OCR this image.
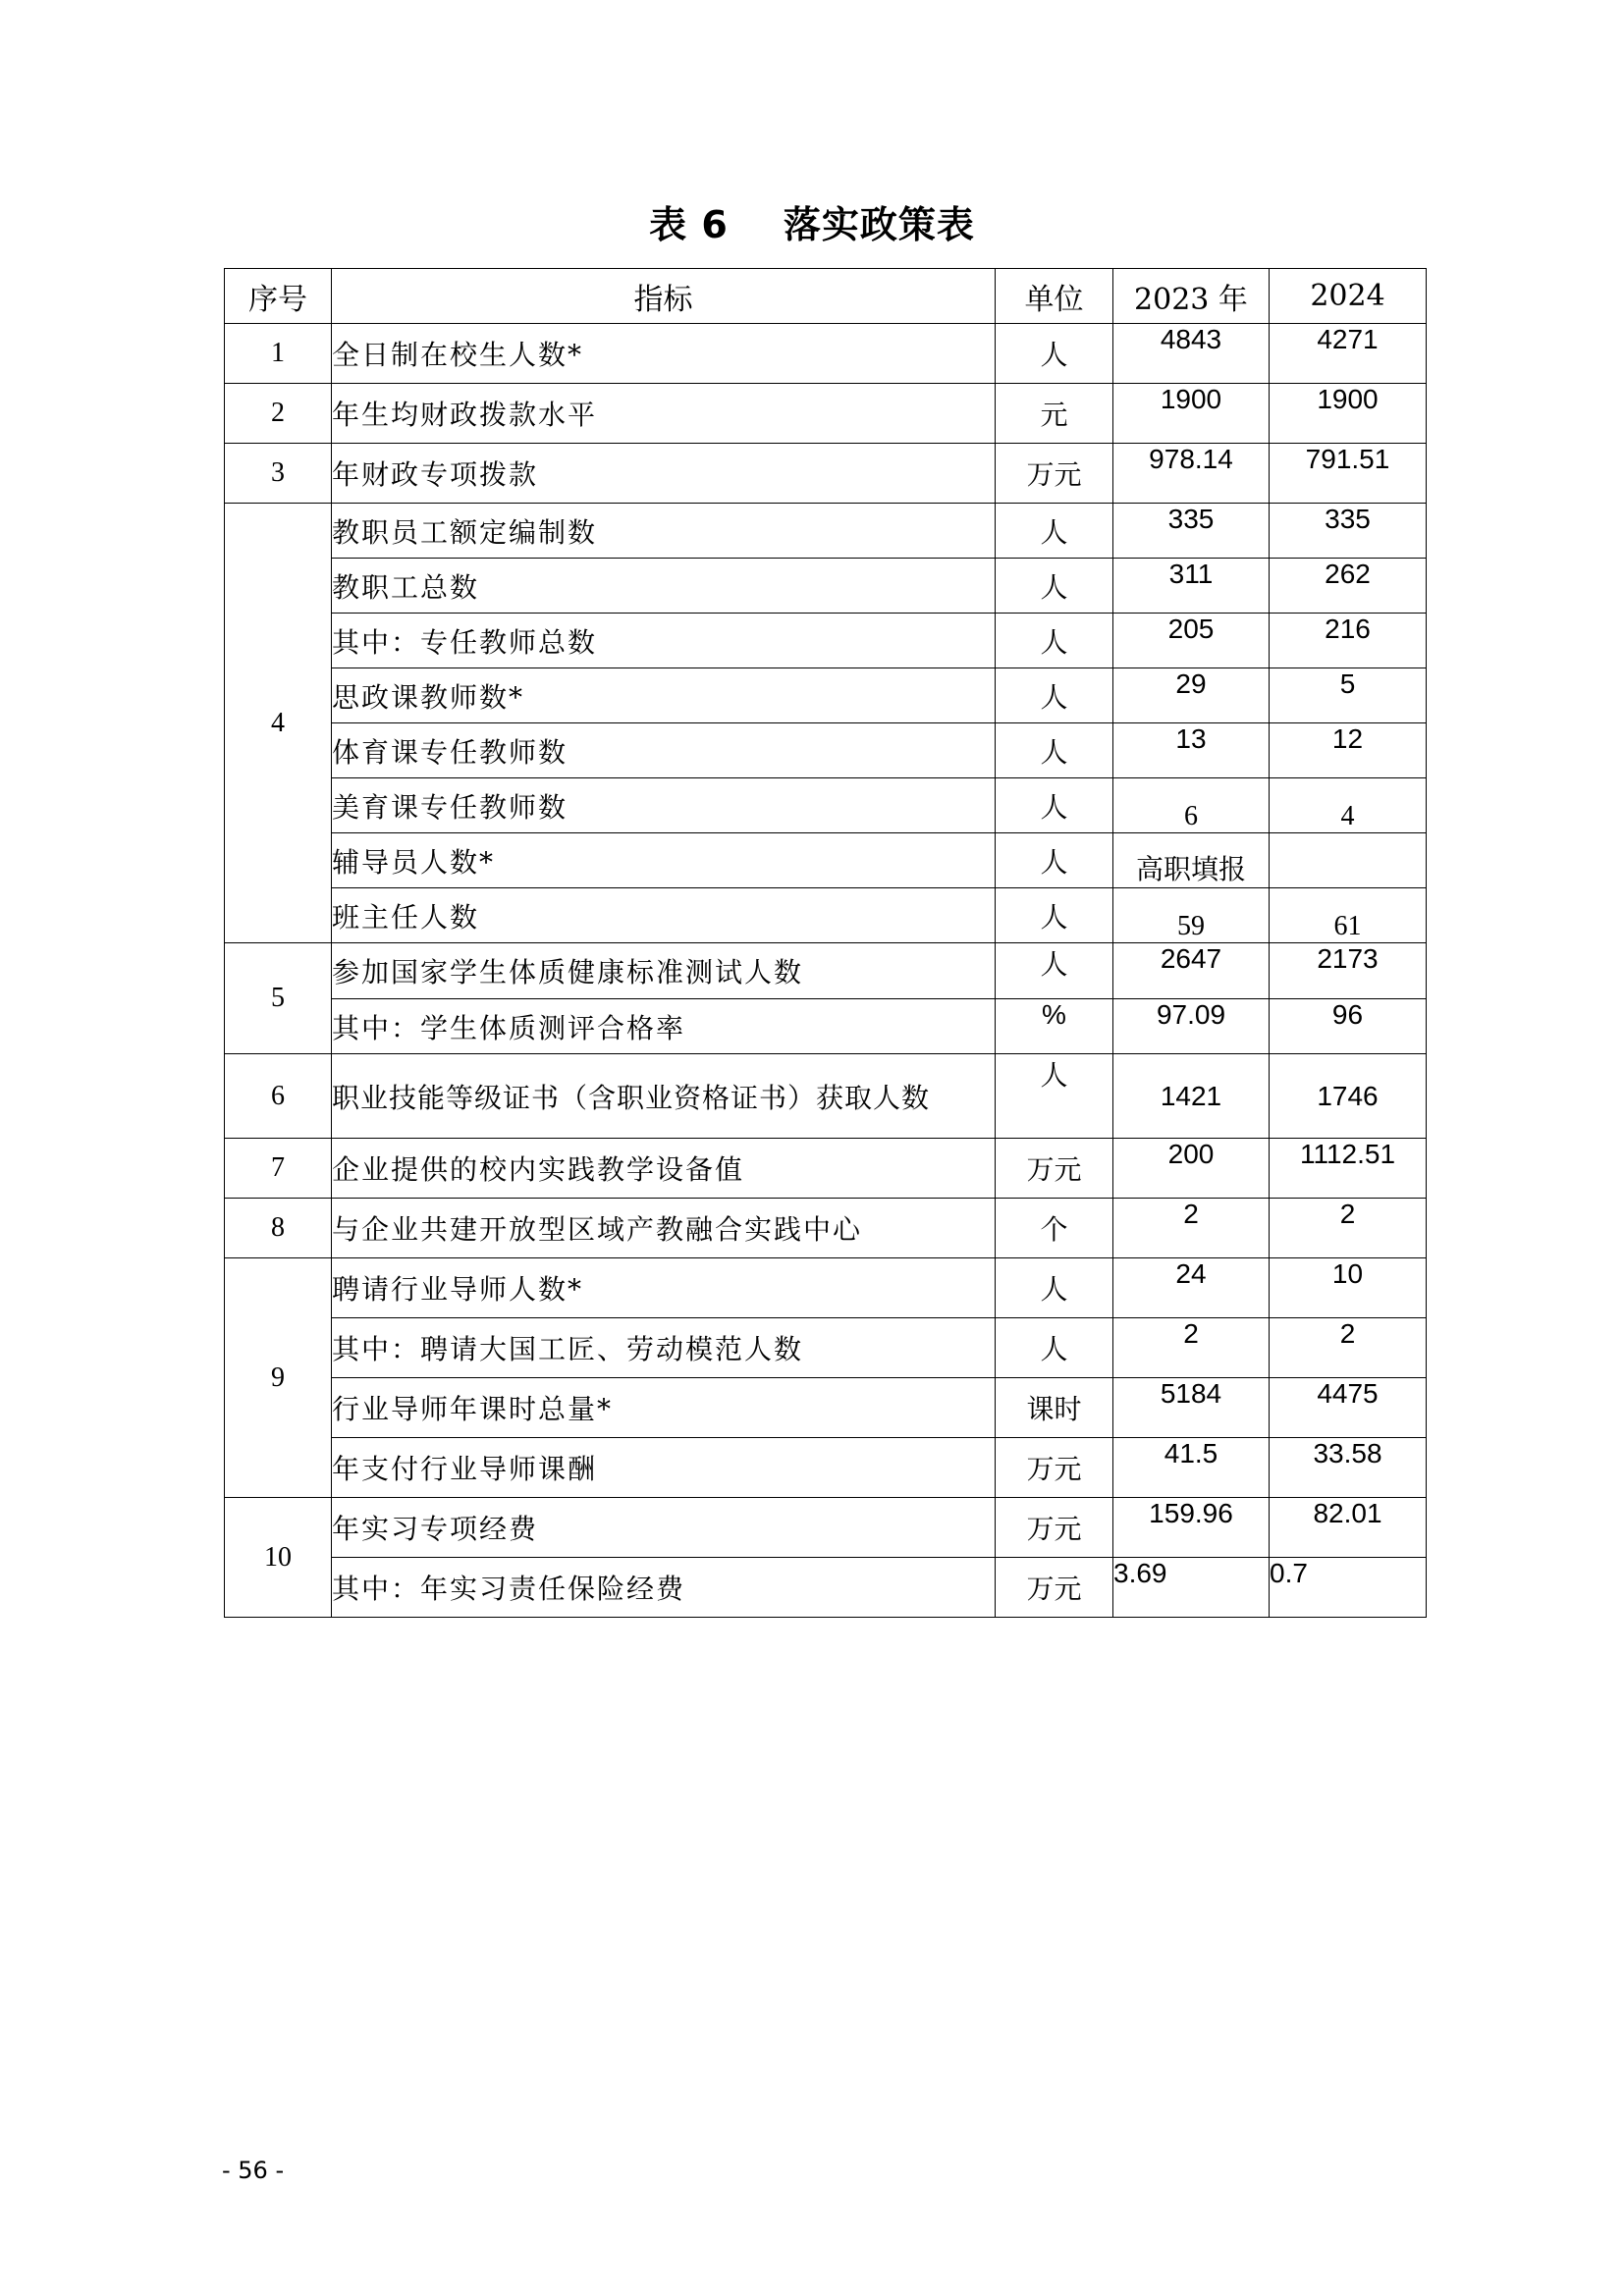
表 6 落实政策表
序号	指标	单位	2023 年	2024
1	全日制在校生人数*	人	4843	4271
2	年生均财政拨款水平	元	1900	1900
3	年财政专项拨款	万元	978.14	791.51
4	教职员工额定编制数	人	335	335
	教职工总数	人	311	262
	其中：专任教师总数	人	205	216
	思政课教师数*	人	29	5
	体育课专任教师数	人	13	12
	美育课专任教师数	人	6	4
	辅导员人数*	人	高职填报	
	班主任人数	人	59	61
5	参加国家学生体质健康标准测试人数	人	2647	2173
	其中：学生体质测评合格率	%	97.09	96
6	职业技能等级证书（含职业资格证书）获取人数	人	1421	1746
7	企业提供的校内实践教学设备值	万元	200	1112.51
8	与企业共建开放型区域产教融合实践中心	个	2	2
9	聘请行业导师人数*	人	24	10
	其中：聘请大国工匠、劳动模范人数	人	2	2
	行业导师年课时总量*	课时	5184	4475
	年支付行业导师课酬	万元	41.5	33.58
10	年实习专项经费	万元	159.96	82.01
	其中：年实习责任保险经费	万元	3.69	0.7
- 56 -
